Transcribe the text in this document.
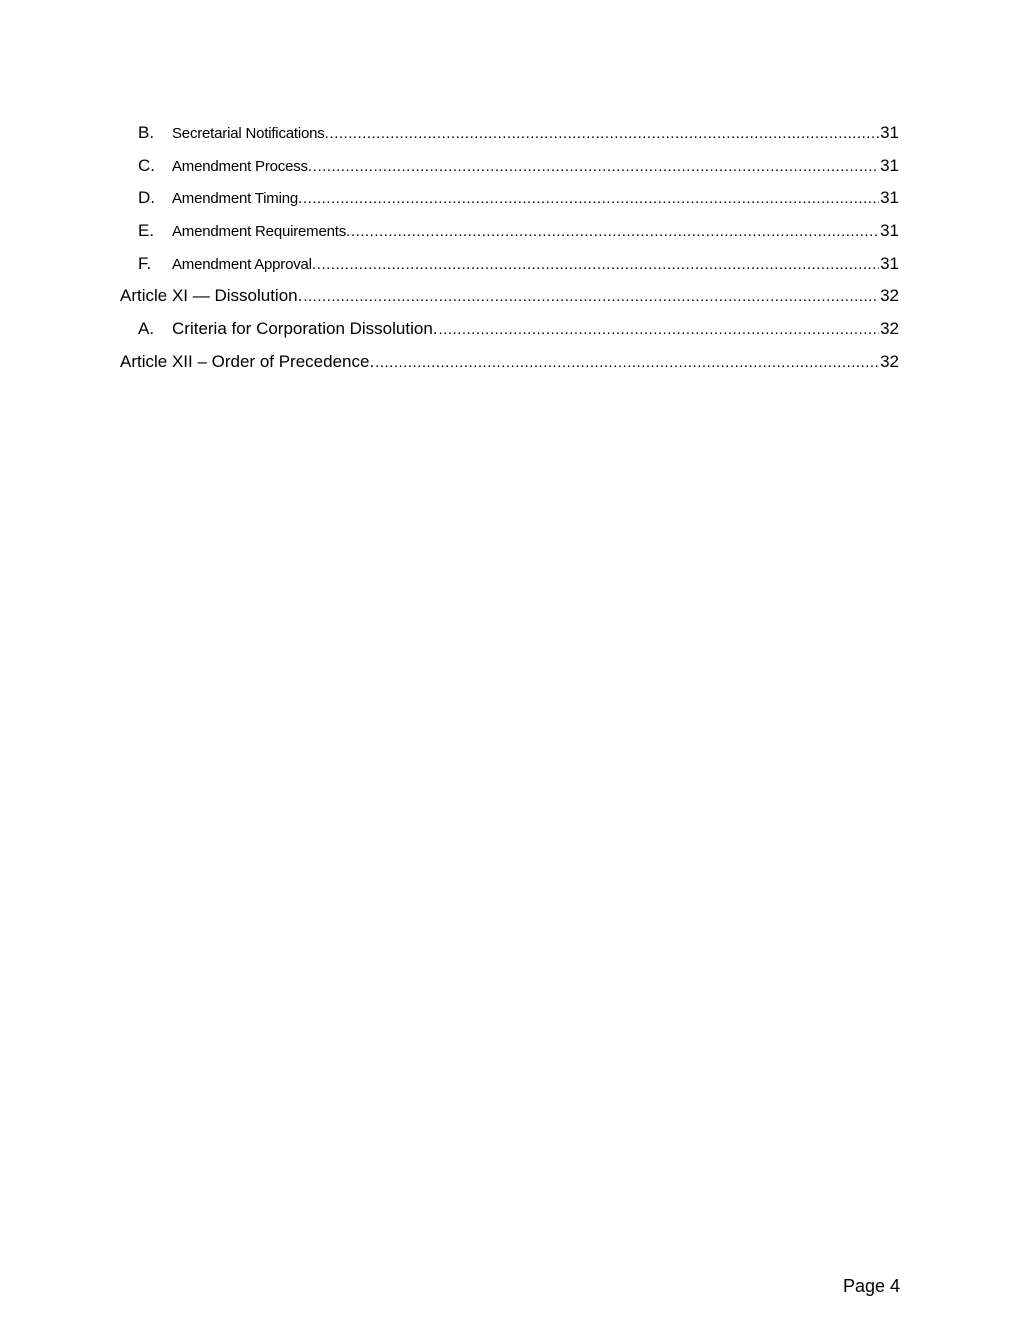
B.	Secretarial Notifications. .....	31
C.	Amendment Process. .....	31
D.	Amendment Timing. .....	31
E.	Amendment Requirements. .....	31
F.	Amendment Approval. .....	31
Article XI — Dissolution. .....	32
A.	Criteria for Corporation Dissolution. .....	32
Article XII – Order of Precedence. .....	32
Page 4
